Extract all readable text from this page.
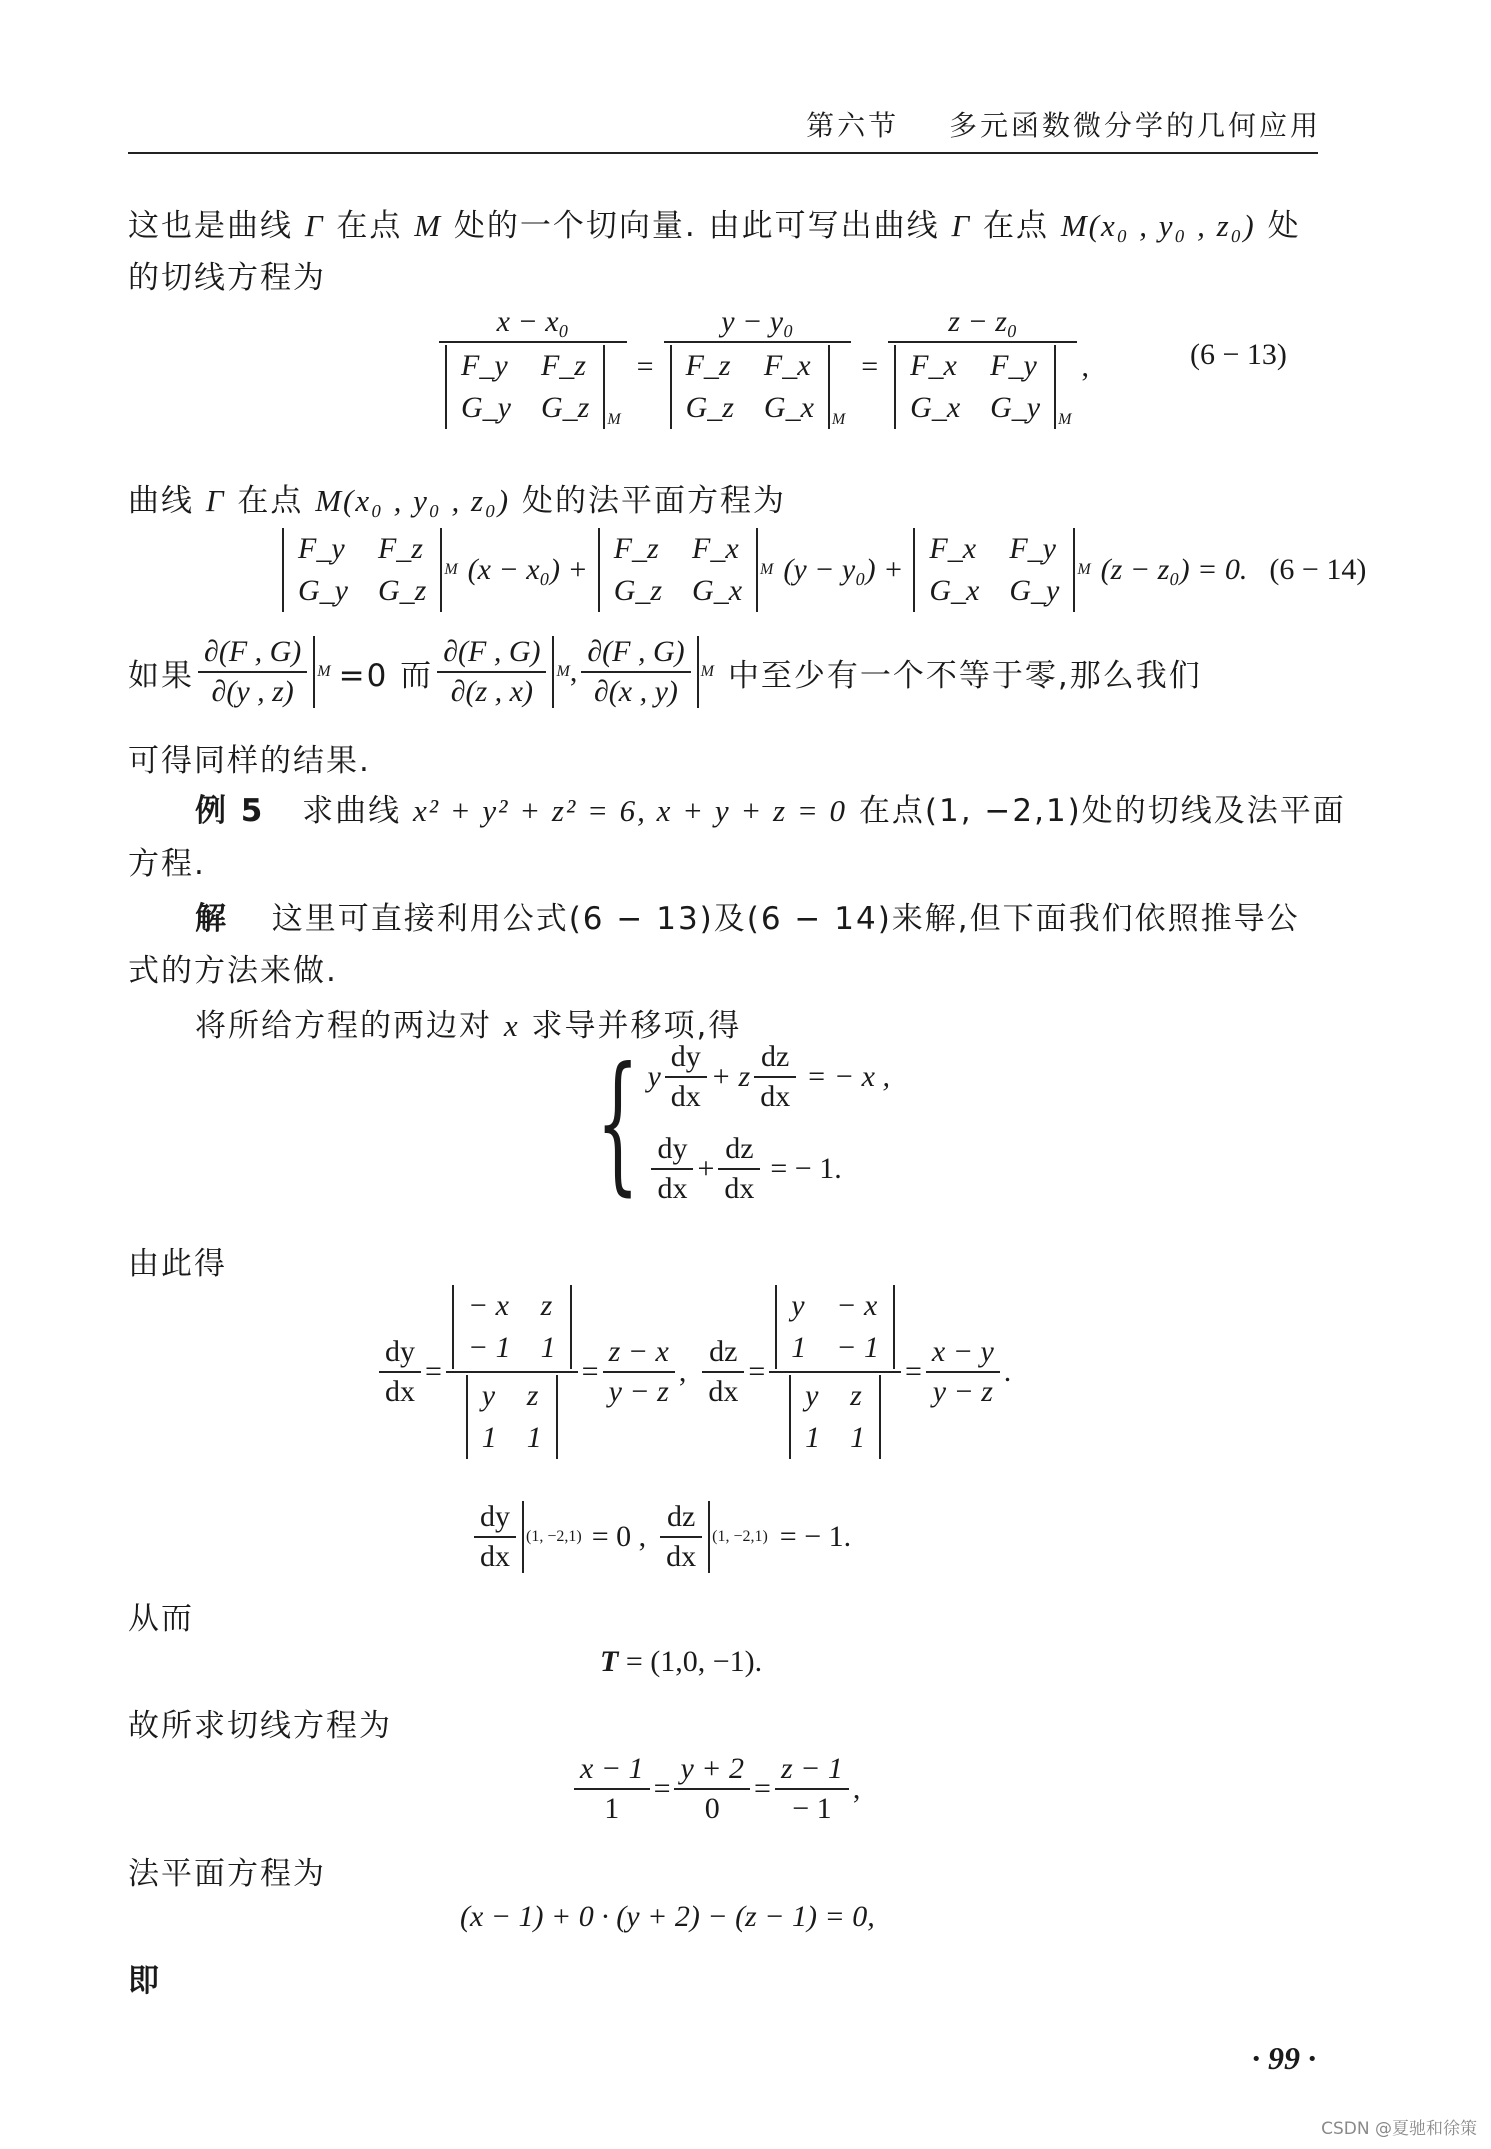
第六节 多元函数微分学的几何应用
这也是曲线 Γ 在点 M 处的一个切向量. 由此可写出曲线 Γ 在点 M(x₀ , y₀ , z₀) 处
的切线方程为
x − x₀
F_y F_z
G_y G_z $_M$ = y − y₀
F_z F_x
G_z G_x $_M$ = z − z₀
F_x F_y
G_x G_y $_M$ ,	(6 − 13)
曲线 Γ 在点 M(x₀ , y₀ , z₀) 处的法平面方程为
F_y F_z
G_y G_z
M (x − x₀) +
F_z F_x
G_z G_x
M (y − y₀) +
F_x F_y
G_x G_y
M (z − z₀) = 0. (6 − 14)
如果 $\frac{\partial(F , G)}{\partial(y , z)}$ M =0 而 $\frac{\partial(F , G)}{\partial(z , x)}$ M , $\frac{\partial(F , G)}{\partial(x , y)}$ M 中至少有一个不等于零,那么我们
可得同样的结果.
例 5 求曲线 x² + y² + z² = 6, x + y + z = 0 在点(1, −2,1)处的切线及法平面
方程.
解 这里可直接利用公式(6 − 13)及(6 − 14)来解,但下面我们依照推导公
式的方法来做.
将所给方程的两边对 x 求导并移项,得
{ y $\frac{dy}{dx} + z \frac{dz}{dx}$ = − x ,
$\frac{dy}{dx} + \frac{dz}{dx}$ = − 1.
由此得
$\frac{dy}{dx}$ = − x z
− 1 1
y z
1 $1 = \frac{z - x}{y - z}$ , $\frac{dz}{dx} = y - x$
1 − 1
y z
1 $1 = \frac{x - y}{y - z}$ .
$\frac{dy}{dx} (1$, −2,1) = 0 , $\frac{dz}{dx} (1$, −2,1) = − 1.
从而
T = (1,0, −1).
故所求切线方程为
$\frac{x - 1}{1} = \frac{y + 2}{0} = \frac{z - 1}{- 1}$ ,
法平面方程为
(x − 1) + 0 · (y + 2) − (z − 1) = 0,
即
· 99 ·
CSDN @夏驰和徐策
